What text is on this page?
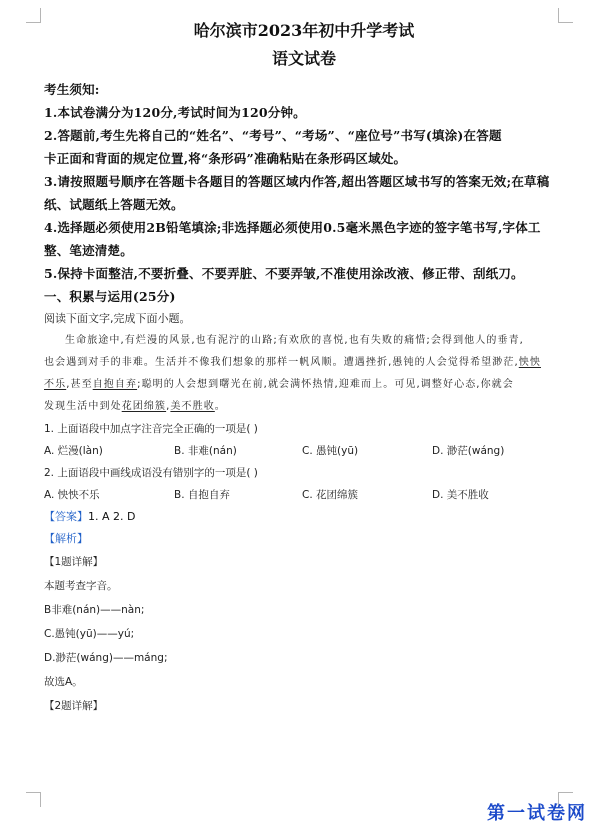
哈尔滨市2023年初中升学考试
语文试卷
考生须知:
1.本试卷满分为120分,考试时间为120分钟。
2.答题前,考生先将自己的“姓名”、“考号”、“考场”、“座位号”书写(填涂)在答题
卡正面和背面的规定位置,将“条形码”准确粘贴在条形码区域处。
3.请按照题号顺序在答题卡各题目的答题区域内作答,超出答题区域书写的答案无效;在草稿
纸、试题纸上答题无效。
4.选择题必须使用2B铅笔填涂;非选择题必须使用0.5毫米黑色字迹的签字笔书写,字体工
整、笔迹清楚。
5.保持卡面整洁,不要折叠、不要弄脏、不要弄皱,不准使用涂改液、修正带、刮纸刀。
一、积累与运用(25分)
阅读下面文字,完成下面小题。
生命旅途中,有烂漫的风景,也有泥泞的山路;有欢欣的喜悦,也有失败的痛惜;会得到他人的垂青,
也会遇到对手的非难。生活并不像我们想象的那样一帆风顺。遭遇挫折,愚钝的人会觉得希望渺茫,怏怏
不乐,甚至自抱自弃;聪明的人会想到曙光在前,就会满怀热情,迎难而上。可见,调整好心态,你就会
发现生活中到处花团绵簇,美不胜收。
1. 上面语段中加点字注音完全正确的一项是( )
A. 烂漫(làn)	B. 非难(nán)	C. 愚钝(yū)	D. 渺茫(wáng)
2. 上面语段中画线成语没有错别字的一项是( )
A. 怏怏不乐	B. 自抱自弃	C. 花团绵簇	D. 美不胜收
【答案】1. A 2. D
【解析】
【1题详解】
本题考查字音。
B非难(nán)——nàn;
C.愚钝(yū)——yú;
D.渺茫(wáng)——máng;
故选A。
【2题详解】
第一试卷网
